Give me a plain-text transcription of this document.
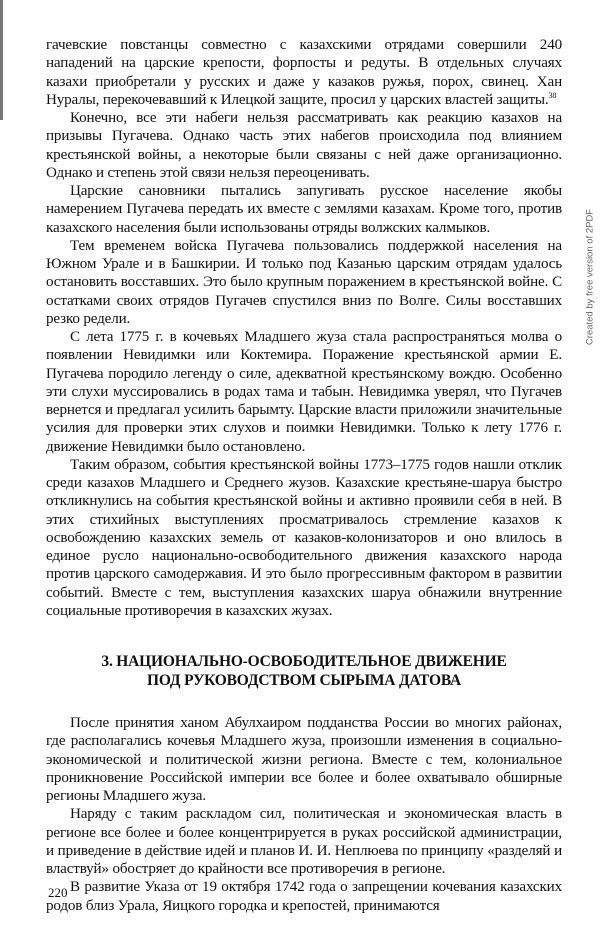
гачевские повстанцы совместно с казахскими отрядами совершили 240 нападений на царские крепости, форпосты и редуты. В отдельных случаях казахи приобретали у русских и даже у казаков ружья, порох, свинец. Хан Нуралы, перекочевавший к Илецкой защите, просил у царских властей защиты.$^{38}$

Конечно, все эти набеги нельзя рассматривать как реакцию казахов на призывы Пугачева. Однако часть этих набегов происходила под влиянием крестьянской войны, а некоторые были связаны с ней даже организационно. Однако и степень этой связи нельзя переоценивать.

Царские сановники пытались запугивать русское население якобы намерением Пугачева передать их вместе с землями казахам. Кроме того, против казахского населения были использованы отряды волжских калмыков.

Тем временем войска Пугачева пользовались поддержкой населения на Южном Урале и в Башкирии. И только под Казанью царским отрядам удалось остановить восставших. Это было крупным поражением в крестьянской войне. С остатками своих отрядов Пугачев спустился вниз по Волге. Силы восставших резко редели.

С лета 1775 г. в кочевьях Младшего жуза стала распространяться молва о появлении Невидимки или Коктемира. Поражение крестьянской армии Е. Пугачева породило легенду о силе, адекватной крестьянскому вождю. Особенно эти слухи муссировались в родах тама и табын. Невидимка уверял, что Пугачев вернется и предлагал усилить барымту. Царские власти приложили значительные усилия для проверки этих слухов и поимки Невидимки. Только к лету 1776 г. движение Невидимки было остановлено.

Таким образом, события крестьянской войны 1773–1775 годов нашли отклик среди казахов Младшего и Среднего жузов. Казахские крестьяне-шаруа быстро откликнулись на события крестьянской войны и активно проявили себя в ней. В этих стихийных выступлениях просматривалось стремление казахов к освобождению казахских земель от казаков-колонизаторов и оно влилось в единое русло национально-освободительного движения казахского народа против царского самодержавия. И это было прогрессивным фактором в развитии событий. Вместе с тем, выступления казахских шаруа обнажили внутренние социальные противоречия в казахских жузах.

3. НАЦИОНАЛЬНО-ОСВОБОДИТЕЛЬНОЕ ДВИЖЕНИЕ
ПОД РУКОВОДСТВОМ СЫРЫМА ДАТОВА

После принятия ханом Абулхаиром подданства России во многих районах, где располагались кочевья Младшего жуза, произошли изменения в социально-экономической и политической жизни региона. Вместе с тем, колониальное проникновение Российской империи все более и более охватывало обширные регионы Младшего жуза.

Наряду с таким раскладом сил, политическая и экономическая власть в регионе все более и более концентрируется в руках российской администрации, и приведение в действие идей и планов И. И. Неплюева по принципу «разделяй и властвуй» обостряет до крайности все противоречия в регионе.

В развитие Указа от 19 октября 1742 года о запрещении кочевания казахских родов близ Урала, Яицкого городка и крепостей, принимаются

220
Created by free version of 2PDF
